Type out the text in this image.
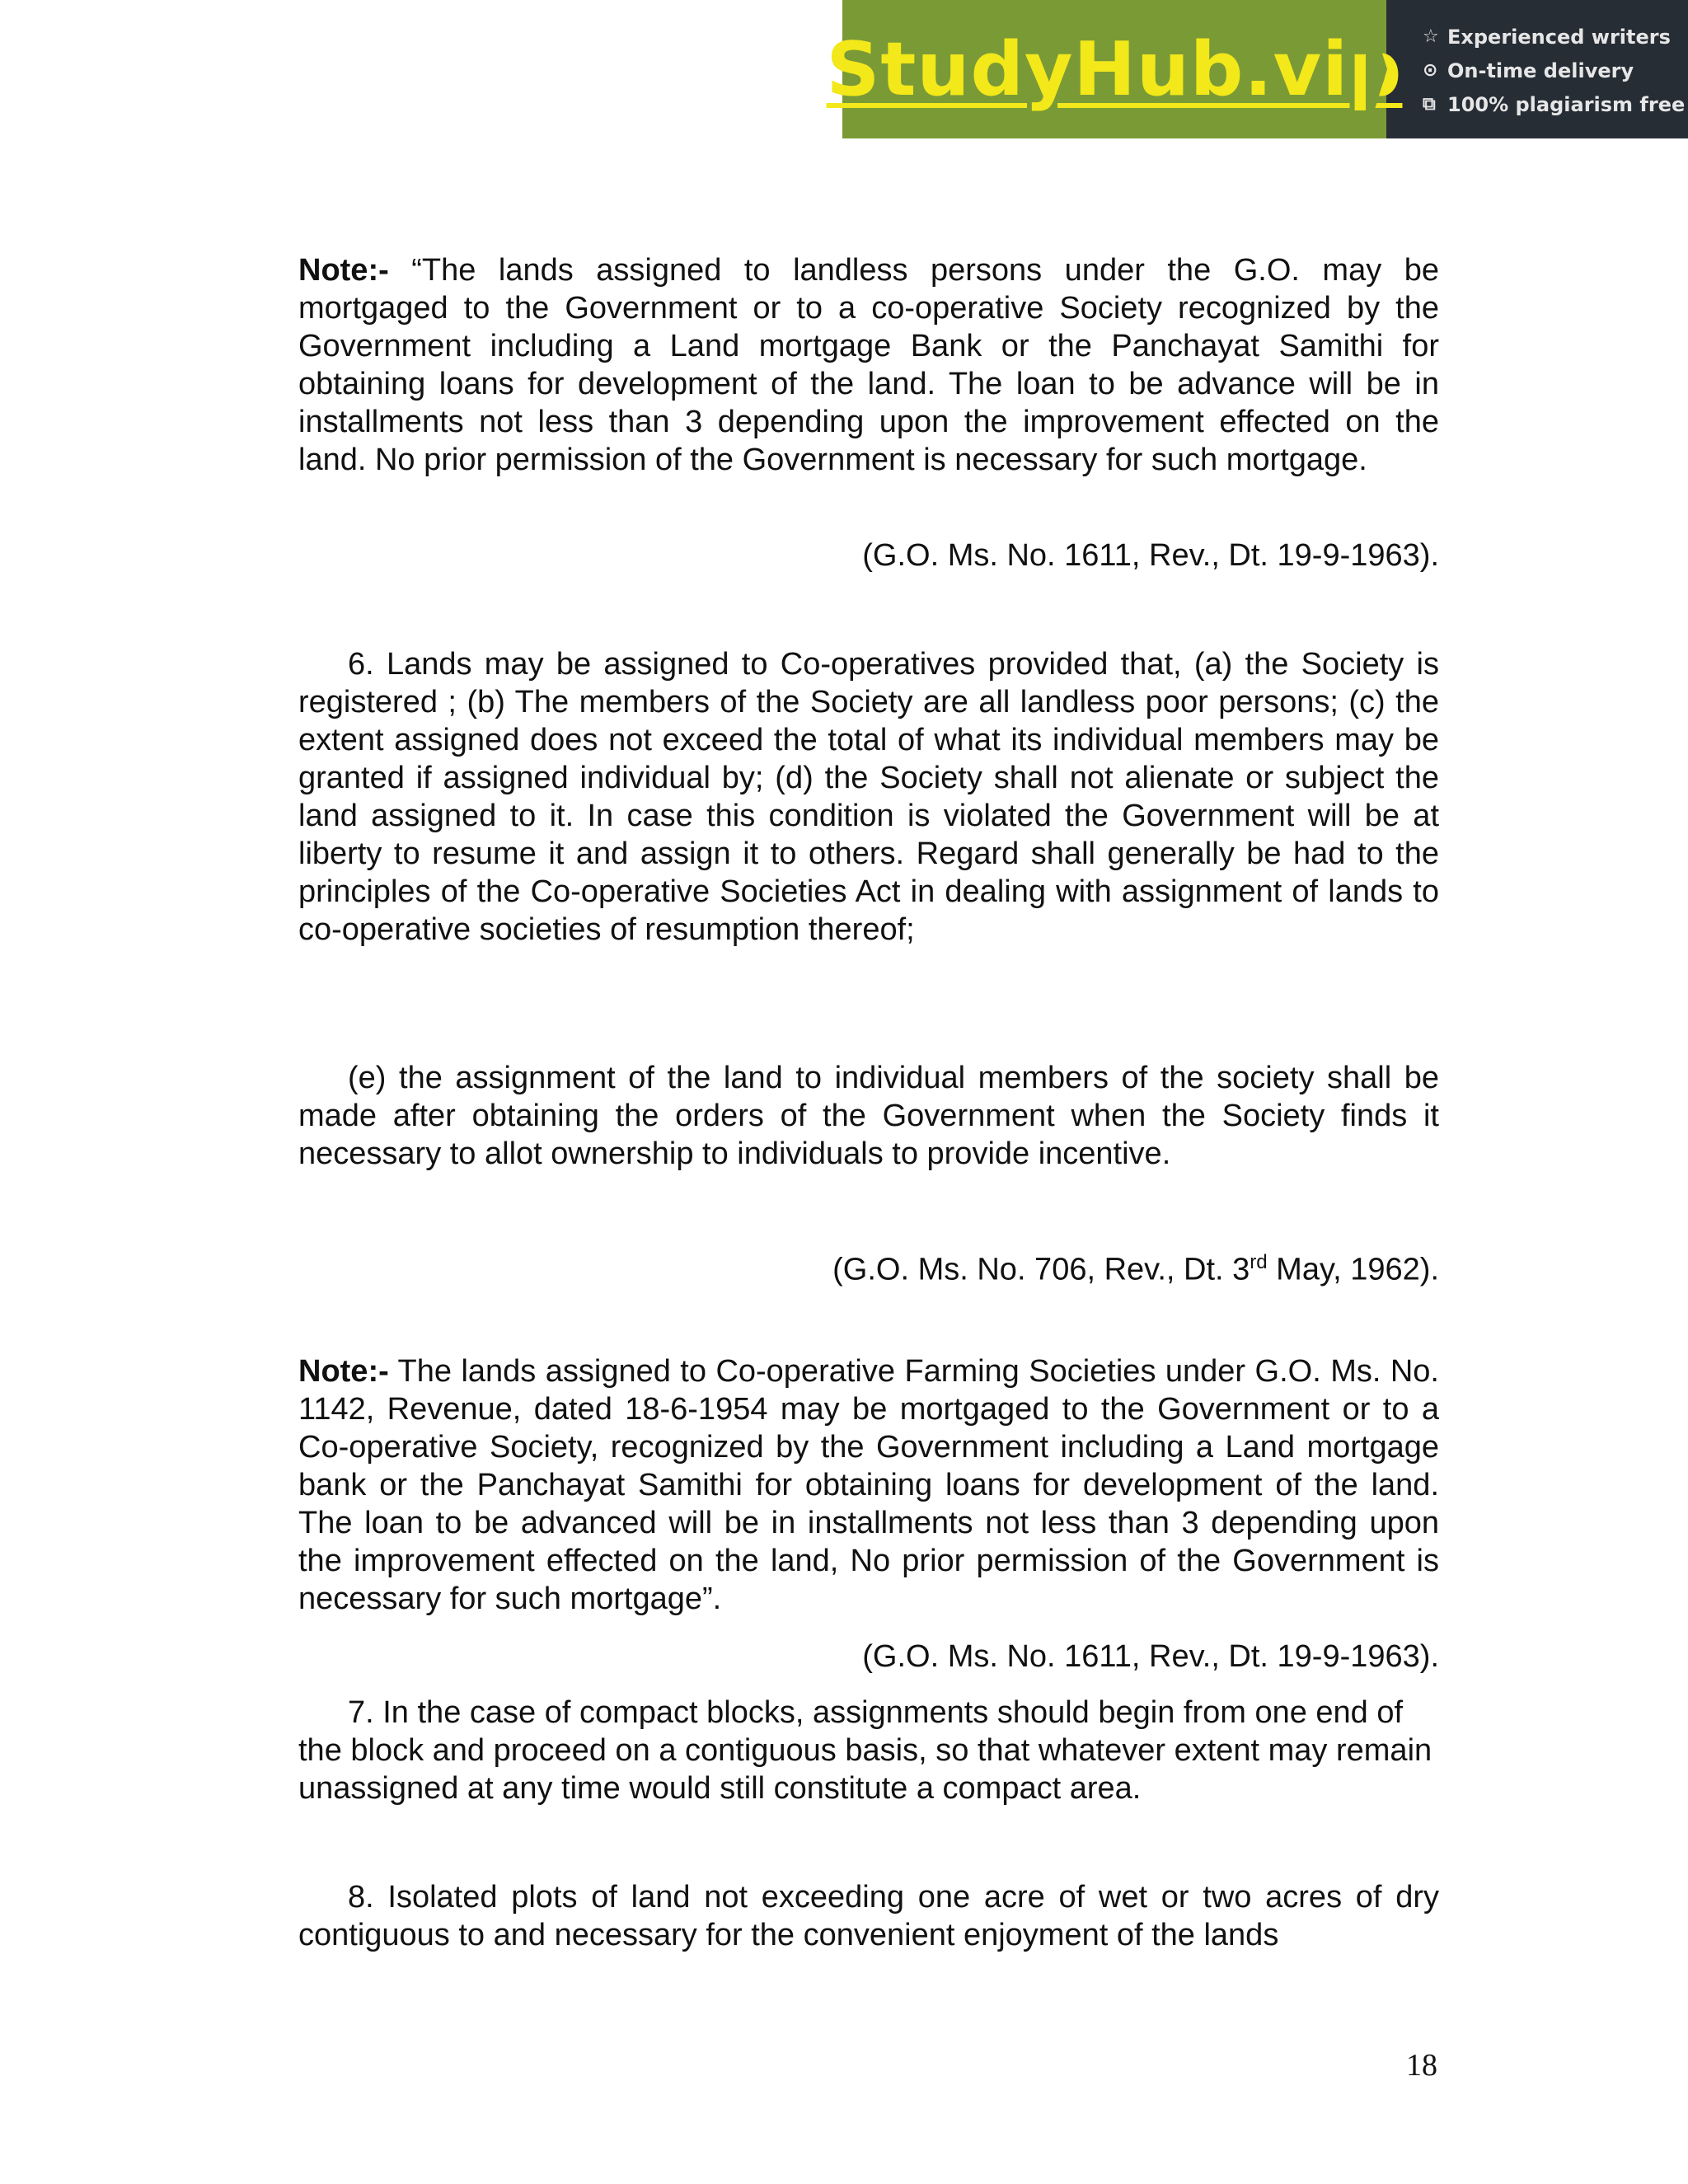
StudyHub.vip ☆ Experienced writers
⊙ On-time delivery
⧉ 100% plagiarism free

Note:- “The lands assigned to landless persons under the G.O. may be mortgaged to the Government or to a co-operative Society recognized by the Government including a Land mortgage Bank or the Panchayat Samithi for obtaining loans for development of the land. The loan to be advance will be in installments not less than 3 depending upon the improvement effected on the land. No prior permission of the Government is necessary for such mortgage.

(G.O. Ms. No. 1611, Rev., Dt. 19-9-1963).
6. Lands may be assigned to Co-operatives provided that, (a) the Society is registered ; (b) The members of the Society are all landless poor persons; (c) the extent assigned does not exceed the total of what its individual members may be granted if assigned individual by; (d) the Society shall not alienate or subject the land assigned to it. In case this condition is violated the Government will be at liberty to resume it and assign it to others. Regard shall generally be had to the principles of the Co-operative Societies Act in dealing with assignment of lands to co-operative societies of resumption thereof;
(e) the assignment of the land to individual members of the society shall be made after obtaining the orders of the Government when the Society finds it necessary to allot ownership to individuals to provide incentive.
(G.O. Ms. No. 706, Rev., Dt. 3rd May, 1962).

Note:- The lands assigned to Co-operative Farming Societies under G.O. Ms. No. 1142, Revenue, dated 18-6-1954 may be mortgaged to the Government or to a Co-operative Society, recognized by the Government including a Land mortgage bank or the Panchayat Samithi for obtaining loans for development of the land. The loan to be advanced will be in installments not less than 3 depending upon the improvement effected on the land, No prior permission of the Government is necessary for such mortgage”.

(G.O. Ms. No. 1611, Rev., Dt. 19-9-1963).
7. In the case of compact blocks, assignments should begin from one end of the block and proceed on a contiguous basis, so that whatever extent may remain unassigned at any time would still constitute a compact area.
8. Isolated plots of land not exceeding one acre of wet or two acres of dry contiguous to and necessary for the convenient enjoyment of the lands
18
